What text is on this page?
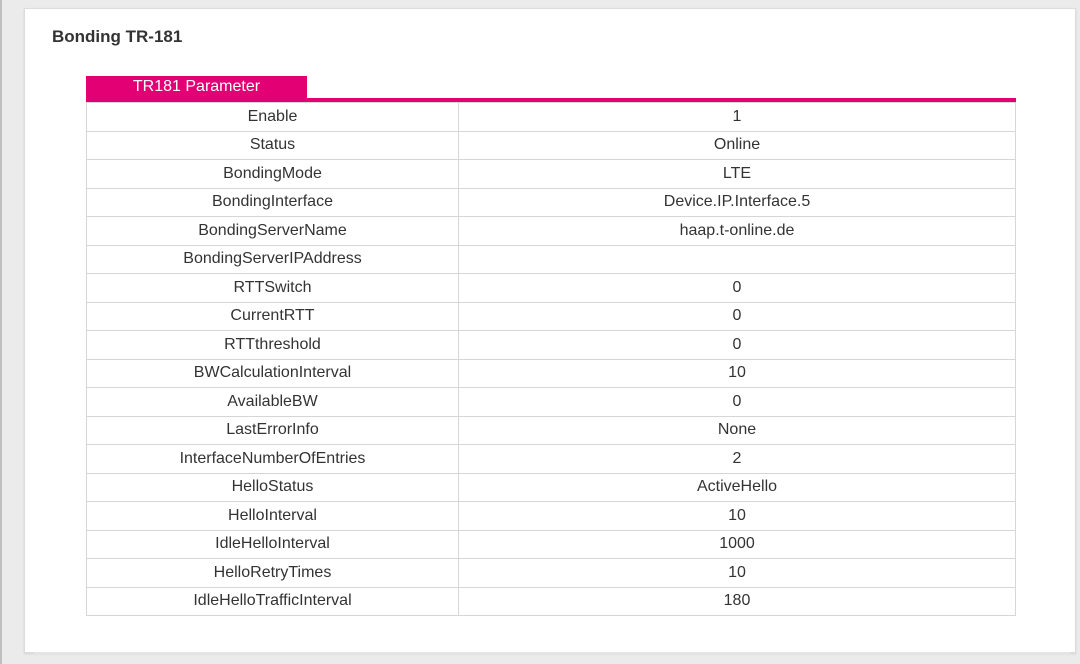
Bonding TR-181
TR181 Parameter
Enable	1
Status	Online
BondingMode	LTE
BondingInterface	Device.IP.Interface.5
BondingServerName	haap.t-online.de
BondingServerIPAddress	
RTTSwitch	0
CurrentRTT	0
RTTthreshold	0
BWCalculationInterval	10
AvailableBW	0
LastErrorInfo	None
InterfaceNumberOfEntries	2
HelloStatus	ActiveHello
HelloInterval	10
IdleHelloInterval	1000
HelloRetryTimes	10
IdleHelloTrafficInterval	180
